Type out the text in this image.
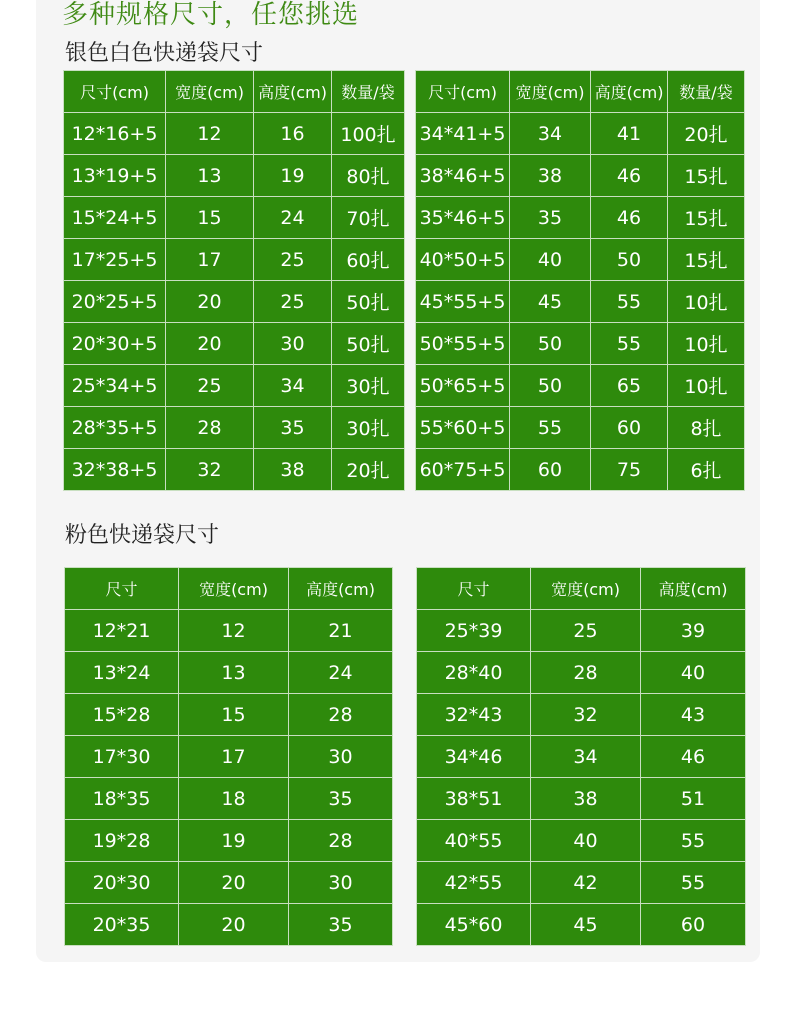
多种规格尺寸，任您挑选
银色白色快递袋尺寸
尺寸(cm)	宽度(cm)	高度(cm)	数量/袋
12*16+5	12	16	100扎
13*19+5	13	19	80扎
15*24+5	15	24	70扎
17*25+5	17	25	60扎
20*25+5	20	25	50扎
20*30+5	20	30	50扎
25*34+5	25	34	30扎
28*35+5	28	35	30扎
32*38+5	32	38	20扎
尺寸(cm)	宽度(cm)	高度(cm)	数量/袋
34*41+5	34	41	20扎
38*46+5	38	46	15扎
35*46+5	35	46	15扎
40*50+5	40	50	15扎
45*55+5	45	55	10扎
50*55+5	50	55	10扎
50*65+5	50	65	10扎
55*60+5	55	60	8扎
60*75+5	60	75	6扎
粉色快递袋尺寸
尺寸	宽度(cm)	高度(cm)
12*21	12	21
13*24	13	24
15*28	15	28
17*30	17	30
18*35	18	35
19*28	19	28
20*30	20	30
20*35	20	35
尺寸	宽度(cm)	高度(cm)
25*39	25	39
28*40	28	40
32*43	32	43
34*46	34	46
38*51	38	51
40*55	40	55
42*55	42	55
45*60	45	60
